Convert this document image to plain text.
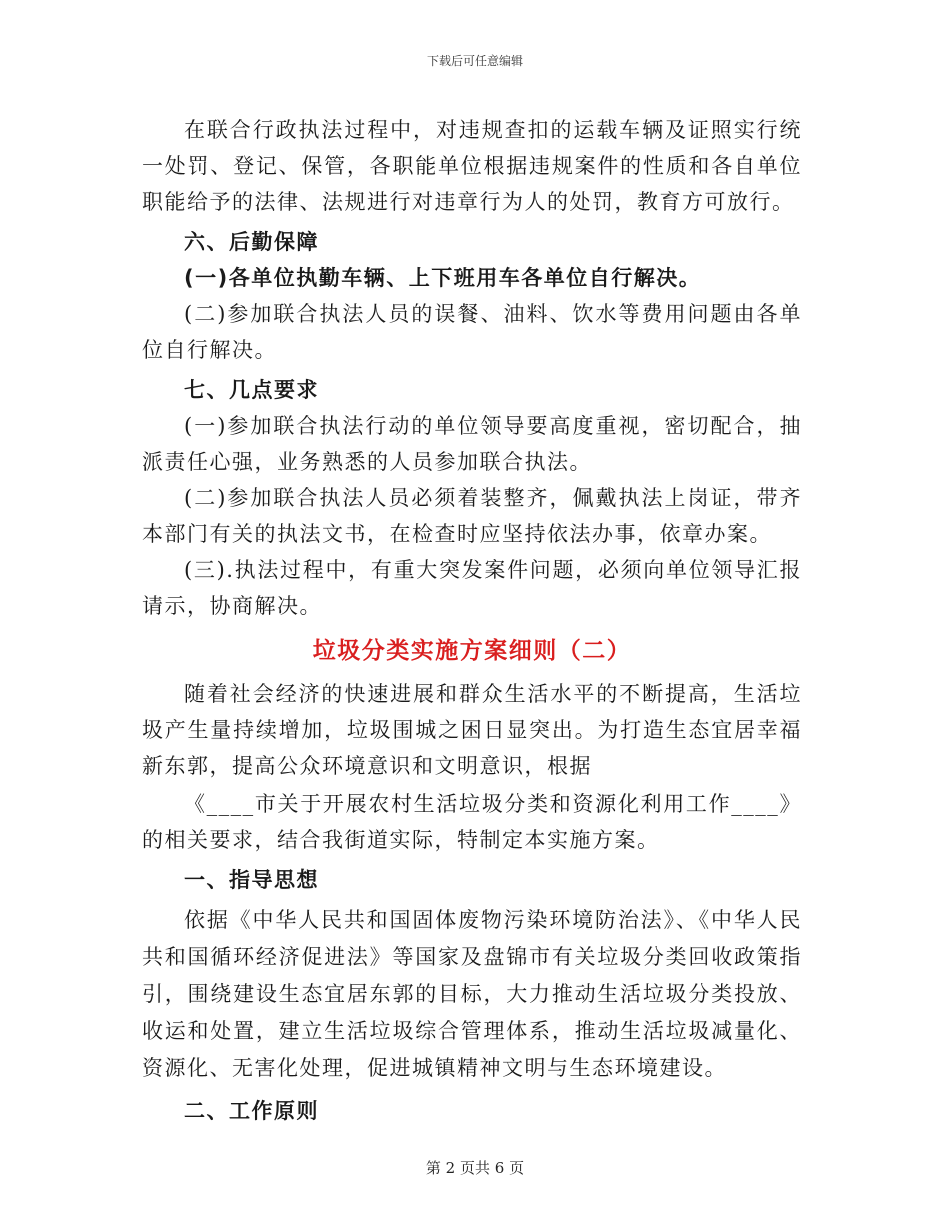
下载后可任意编辑

在联合行政执法过程中，对违规查扣的运载车辆及证照实行统一处罚、登记、保管，各职能单位根据违规案件的性质和各自单位职能给予的法律、法规进行对违章行为人的处罚，教育方可放行。

六、后勤保障

(一)各单位执勤车辆、上下班用车各单位自行解决。

(二)参加联合执法人员的误餐、油料、饮水等费用问题由各单位自行解决。

七、几点要求

(一)参加联合执法行动的单位领导要高度重视，密切配合，抽派责任心强，业务熟悉的人员参加联合执法。

(二)参加联合执法人员必须着装整齐，佩戴执法上岗证，带齐本部门有关的执法文书，在检查时应坚持依法办事，依章办案。

(三).执法过程中，有重大突发案件问题，必须向单位领导汇报请示，协商解决。

垃圾分类实施方案细则（二）

随着社会经济的快速进展和群众生活水平的不断提高，生活垃圾产生量持续增加，垃圾围城之困日显突出。为打造生态宜居幸福新东郭，提高公众环境意识和文明意识，根据

《____市关于开展农村生活垃圾分类和资源化利用工作____》的相关要求，结合我街道实际，特制定本实施方案。

一、指导思想

依据《中华人民共和国固体废物污染环境防治法》、《中华人民共和国循环经济促进法》等国家及盘锦市有关垃圾分类回收政策指引，围绕建设生态宜居东郭的目标，大力推动生活垃圾分类投放、收运和处置，建立生活垃圾综合管理体系，推动生活垃圾减量化、资源化、无害化处理，促进城镇精神文明与生态环境建设。

二、工作原则

第 2 页共 6 页
